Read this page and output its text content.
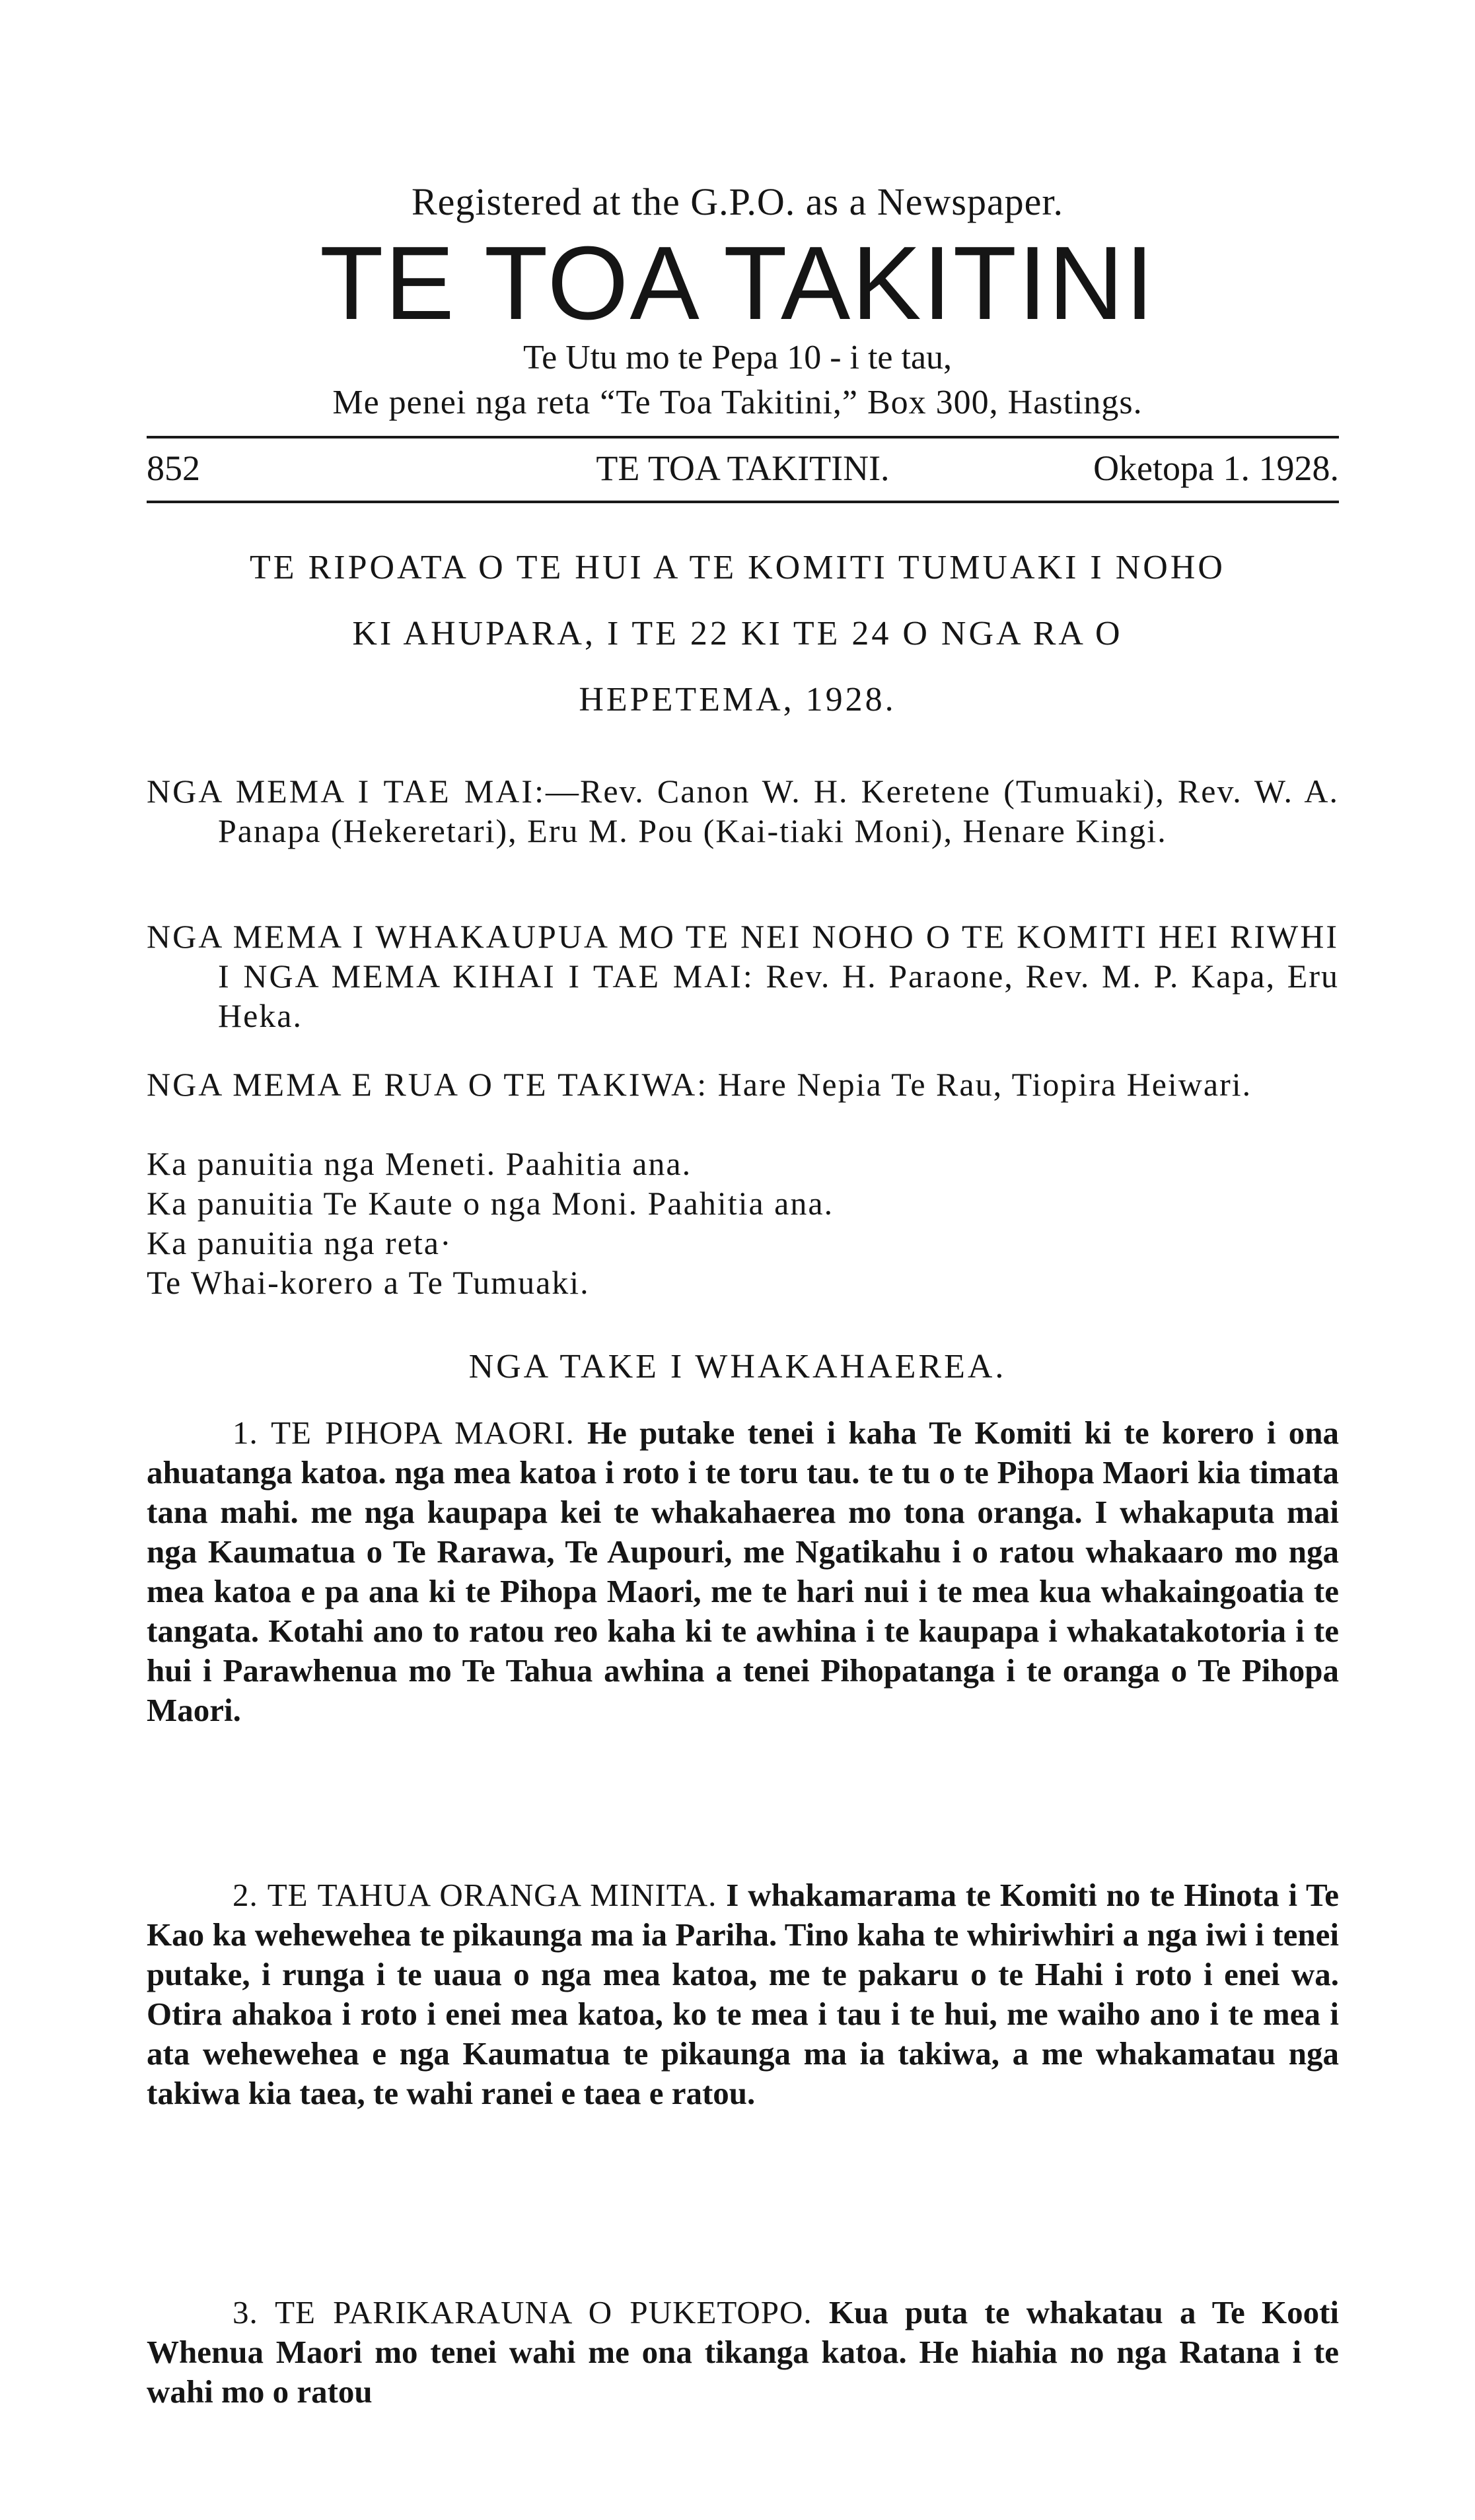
Registered at the G.P.O. as a Newspaper.
TE TOA TAKITINI
Te Utu mo te Pepa 10 - i te tau,
Me penei nga reta “Te Toa Takitini,” Box 300, Hastings.
852	TE TOA TAKITINI.	Oketopa 1. 1928.
TE RIPOATA O TE HUI A TE KOMITI TUMUAKI I NOHO
KI AHUPARA, I TE 22 KI TE 24 O NGA RA O
HEPETEMA, 1928.
NGA MEMA I TAE MAI:—Rev. Canon W. H. Keretene (Tumuaki), Rev. W. A. Panapa (Hekeretari), Eru M. Pou (Kai-tiaki Moni), Henare Kingi.
NGA MEMA I WHAKAUPUA MO TE NEI NOHO O TE KOMITI HEI RIWHI I NGA MEMA KIHAI I TAE MAI: Rev. H. Paraone, Rev. M. P. Kapa, Eru Heka.
NGA MEMA E RUA O TE TAKIWA: Hare Nepia Te Rau, Tiopira Heiwari.
Ka panuitia nga Meneti. Paahitia ana.
Ka panuitia Te Kaute o nga Moni. Paahitia ana.
Ka panuitia nga reta·
Te Whai-korero a Te Tumuaki.
NGA TAKE I WHAKAHAEREA.
1. TE PIHOPA MAORI. He putake tenei i kaha Te Komiti ki te korero i ona ahuatanga katoa. nga mea katoa i roto i te toru tau. te tu o te Pihopa Maori kia timata tana mahi. me nga kaupapa kei te whakahaerea mo tona oranga. I whakaputa mai nga Kaumatua o Te Rarawa, Te Aupouri, me Ngatikahu i o ratou whakaaro mo nga mea katoa e pa ana ki te Pihopa Maori, me te hari nui i te mea kua whakaingoatia te tangata. Kotahi ano to ratou reo kaha ki te awhina i te kaupapa i whakatakotoria i te hui i Parawhenua mo Te Tahua awhina a tenei Pihopatanga i te oranga o Te Pihopa Maori.
2. TE TAHUA ORANGA MINITA. I whakamarama te Komiti no te Hinota i Te Kao ka wehewehea te pikaunga ma ia Pariha. Tino kaha te whiriwhiri a nga iwi i tenei putake, i runga i te uaua o nga mea katoa, me te pakaru o te Hahi i roto i enei wa. Otira ahakoa i roto i enei mea katoa, ko te mea i tau i te hui, me waiho ano i te mea i ata wehewehea e nga Kaumatua te pikaunga ma ia takiwa, a me whakamatau nga takiwa kia taea, te wahi ranei e taea e ratou.
3. TE PARIKARAUNA O PUKETOPO. Kua puta te whakatau a Te Kooti Whenua Maori mo tenei wahi me ona tikanga katoa. He hiahia no nga Ratana i te wahi mo o ratou
